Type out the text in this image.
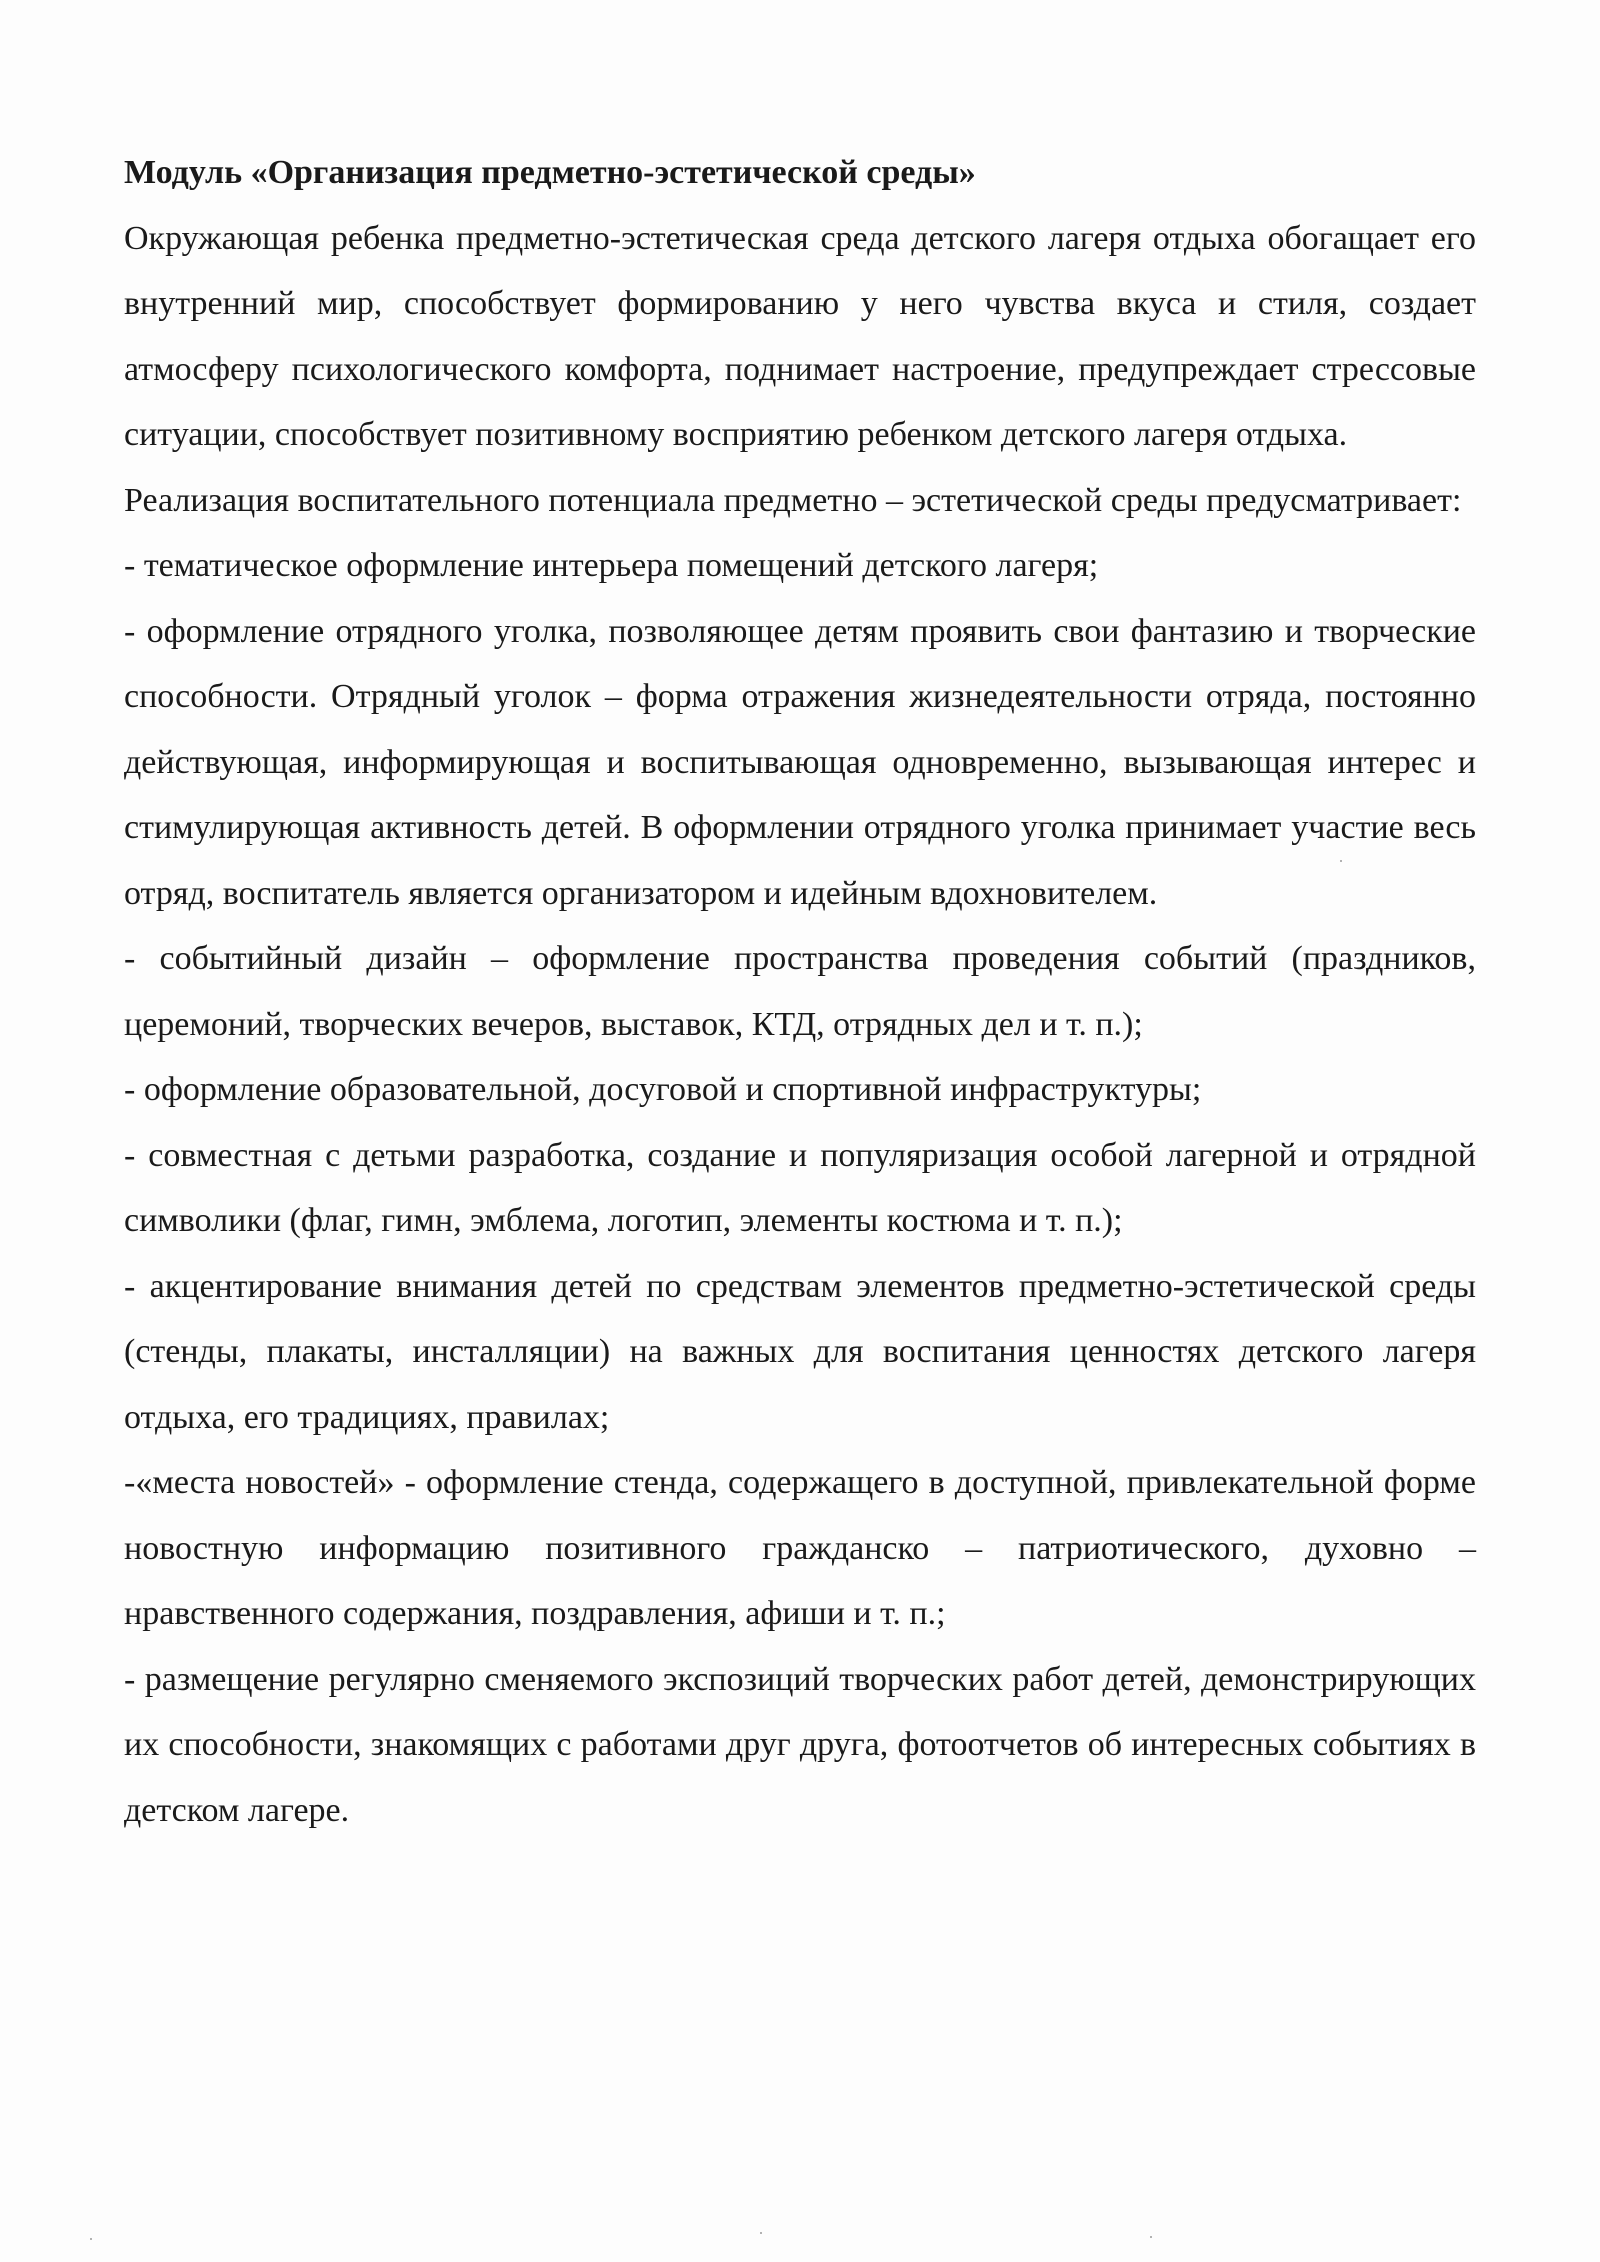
Модуль «Организация предметно-эстетической среды»

Окружающая ребенка предметно-эстетическая среда детского лагеря отдыха обогащает его внутренний мир, способствует формированию у него чувства вкуса и стиля, создает атмосферу психологического комфорта, поднимает настроение, предупреждает стрессовые ситуации, способствует позитивному восприятию ребенком детского лагеря отдыха.

Реализация воспитательного потенциала предметно – эстетической среды предусматривает:

- тематическое оформление интерьера помещений детского лагеря;

- оформление отрядного уголка, позволяющее детям проявить свои фантазию и творческие способности. Отрядный уголок – форма отражения жизнедеятельности отряда, постоянно действующая, информирующая и воспитывающая одновременно, вызывающая интерес и стимулирующая активность детей. В оформлении отрядного уголка принимает участие весь отряд, воспитатель является организатором и идейным вдохновителем.

- событийный дизайн – оформление пространства проведения событий (праздников, церемоний, творческих вечеров, выставок, КТД, отрядных дел и т. п.);

- оформление образовательной, досуговой и спортивной инфраструктуры;

- совместная с детьми разработка, создание и популяризация особой лагерной и отрядной символики (флаг, гимн, эмблема, логотип, элементы костюма и т. п.);

- акцентирование внимания детей по средствам элементов предметно-эстетической среды (стенды, плакаты, инсталляции) на важных для воспитания ценностях детского лагеря отдыха, его традициях, правилах;

-«места новостей» - оформление стенда, содержащего в доступной, привлекательной форме новостную информацию позитивного гражданско – патриотического, духовно – нравственного содержания, поздравления, афиши и т. п.;

- размещение регулярно сменяемого экспозиций творческих работ детей, демонстрирующих их способности, знакомящих с работами друг друга, фотоотчетов об интересных событиях в детском лагере.
